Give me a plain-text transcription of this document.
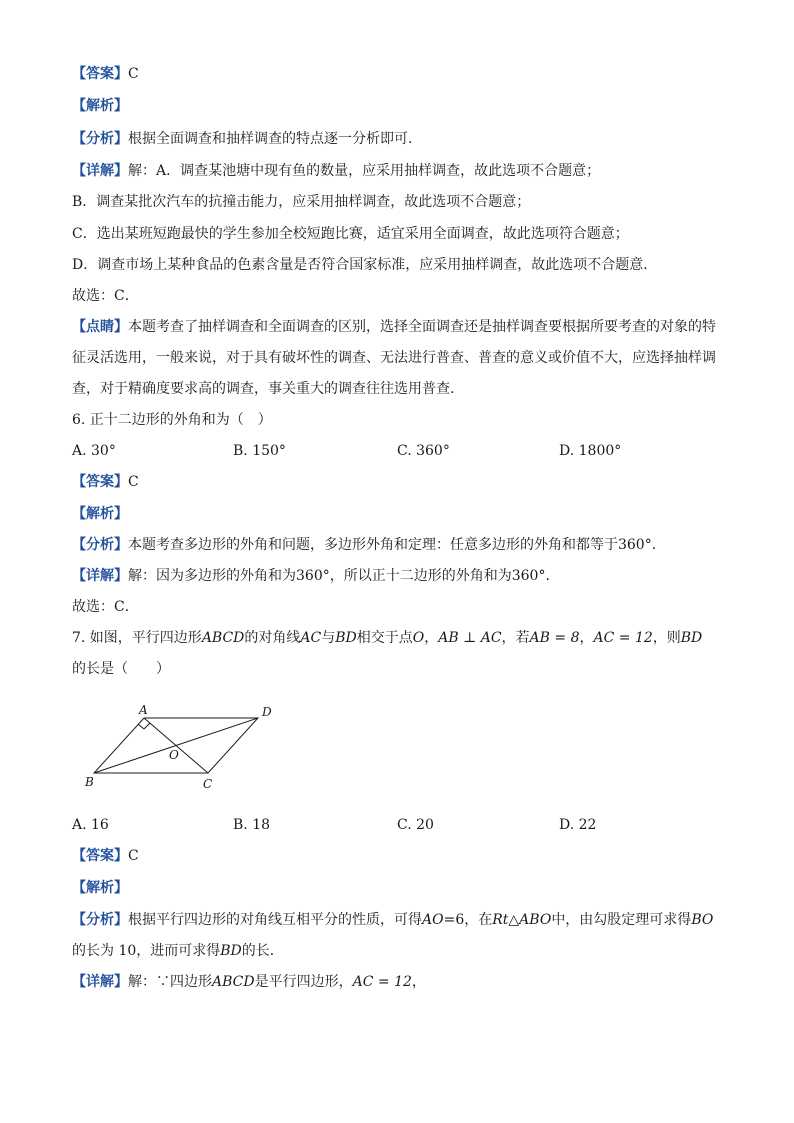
【答案】C
【解析】
【分析】根据全面调查和抽样调查的特点逐一分析即可．
【详解】解：A．调查某池塘中现有鱼的数量，应采用抽样调查，故此选项不合题意；
B．调查某批次汽车的抗撞击能力，应采用抽样调查，故此选项不合题意；
C．选出某班短跑最快的学生参加全校短跑比赛，适宜采用全面调查，故此选项符合题意；
D．调查市场上某种食品的色素含量是否符合国家标准，应采用抽样调查，故此选项不合题意．
故选：C．
【点睛】本题考查了抽样调查和全面调查的区别，选择全面调查还是抽样调查要根据所要考查的对象的特
征灵活选用，一般来说，对于具有破坏性的调查、无法进行普查、普查的意义或价值不大，应选择抽样调
查，对于精确度要求高的调查，事关重大的调查往往选用普查．
6. 正十二边形的外角和为（　）
A. 30°	B. 150°	C. 360°	D. 1800°
【答案】C
【解析】
【分析】本题考查多边形的外角和问题，多边形外角和定理：任意多边形的外角和都等于360°．
【详解】解：因为多边形的外角和为360°，所以正十二边形的外角和为360°．
故选：C．
7. 如图，平行四边形ABCD的对角线AC与BD相交于点O，AB ⊥ AC，若AB = 8，AC = 12，则BD
的长是（　　）
A	D
O
B	C
A. 16	B. 18	C. 20	D. 22
【答案】C
【解析】
【分析】根据平行四边形的对角线互相平分的性质，可得AO=6，在Rt△ABO中，由勾股定理可求得BO
的长为 10，进而可求得BD的长．
【详解】解：∵四边形ABCD是平行四边形，AC = 12，
